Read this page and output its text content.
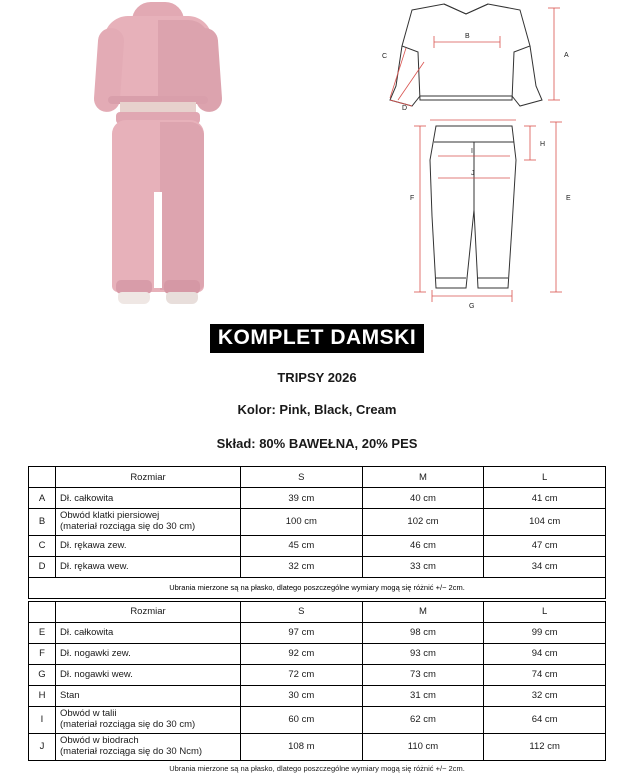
A
B
C
D
E
F
G
H
I
J
KOMPLET DAMSKI
TRIPSY 2026
Kolor: Pink, Black, Cream
Skład: 80% BAWEŁNA, 20% PES
	Rozmiar	S	M	L
A	Dł. całkowita	39 cm	40 cm	41 cm
B	Obwód klatki piersiowej
(materiał rozciąga się do 30 cm)	100 cm	102 cm	104 cm
C	Dł. rękawa zew.	45 cm	46 cm	47 cm
D	Dł. rękawa wew.	32 cm	33 cm	34 cm
Ubrania mierzone są na płasko, dlatego poszczególne wymiary mogą się różnić +/− 2cm.				
	Rozmiar	S	M	L
E	Dł. całkowita	97 cm	98 cm	99 cm
F	Dł. nogawki zew.	92 cm	93 cm	94 cm
G	Dł. nogawki wew.	72 cm	73 cm	74 cm
H	Stan	30 cm	31 cm	32 cm
I	Obwód w talii
(materiał rozciąga się do 30 cm)	60 cm	62 cm	64 cm
J	Obwód w biodrach
(materiał rozciąga się do 30 Ncm)	108 m	110 cm	112 cm
Ubrania mierzone są na płasko, dlatego poszczególne wymiary mogą się różnić +/− 2cm.
